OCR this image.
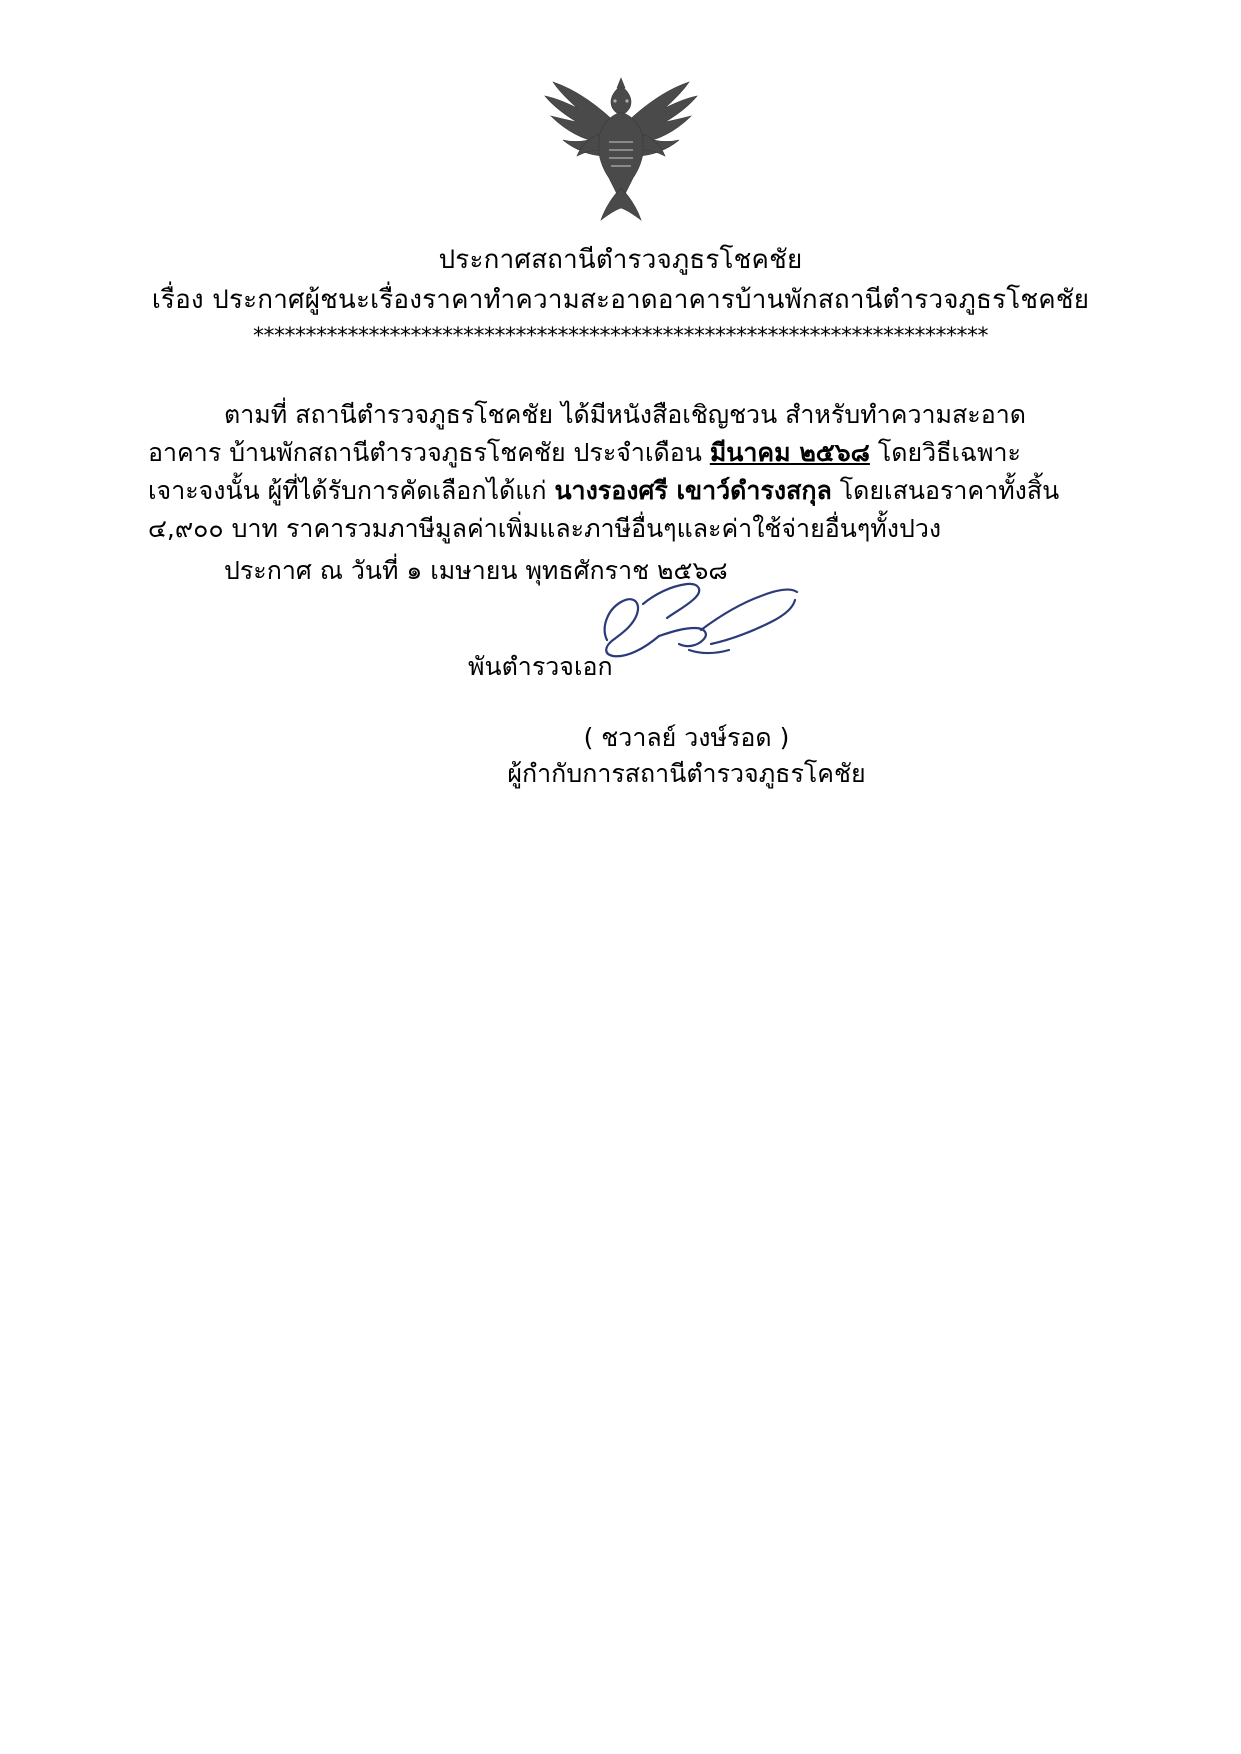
ประกาศสถานีตำรวจภูธรโชคชัย
เรื่อง ประกาศผู้ชนะเรื่องราคาทำความสะอาดอาคารบ้านพักสถานีตำรวจภูธรโชคชัย
**********************************************************************
ตามที่ สถานีตำรวจภูธรโชคชัย ได้มีหนังสือเชิญชวน สำหรับทำความสะอาดอาคาร บ้านพักสถานีตำรวจภูธรโชคชัย ประจำเดือน มีนาคม ๒๕๖๘ โดยวิธีเฉพาะเจาะจงนั้น ผู้ที่ได้รับการคัดเลือกได้แก่ นางรองศรี เขาว์ดำรงสกุล โดยเสนอราคาทั้งสิ้น ๔,๙๐๐ บาท ราคารวมภาษีมูลค่าเพิ่มและภาษีอื่นๆและค่าใช้จ่ายอื่นๆทั้งปวง
ประกาศ ณ วันที่ ๑ เมษายน พุทธศักราช ๒๕๖๘
พันตำรวจเอก
( ชวาลย์ วงษ์รอด )
ผู้กำกับการสถานีตำรวจภูธรโคชัย
